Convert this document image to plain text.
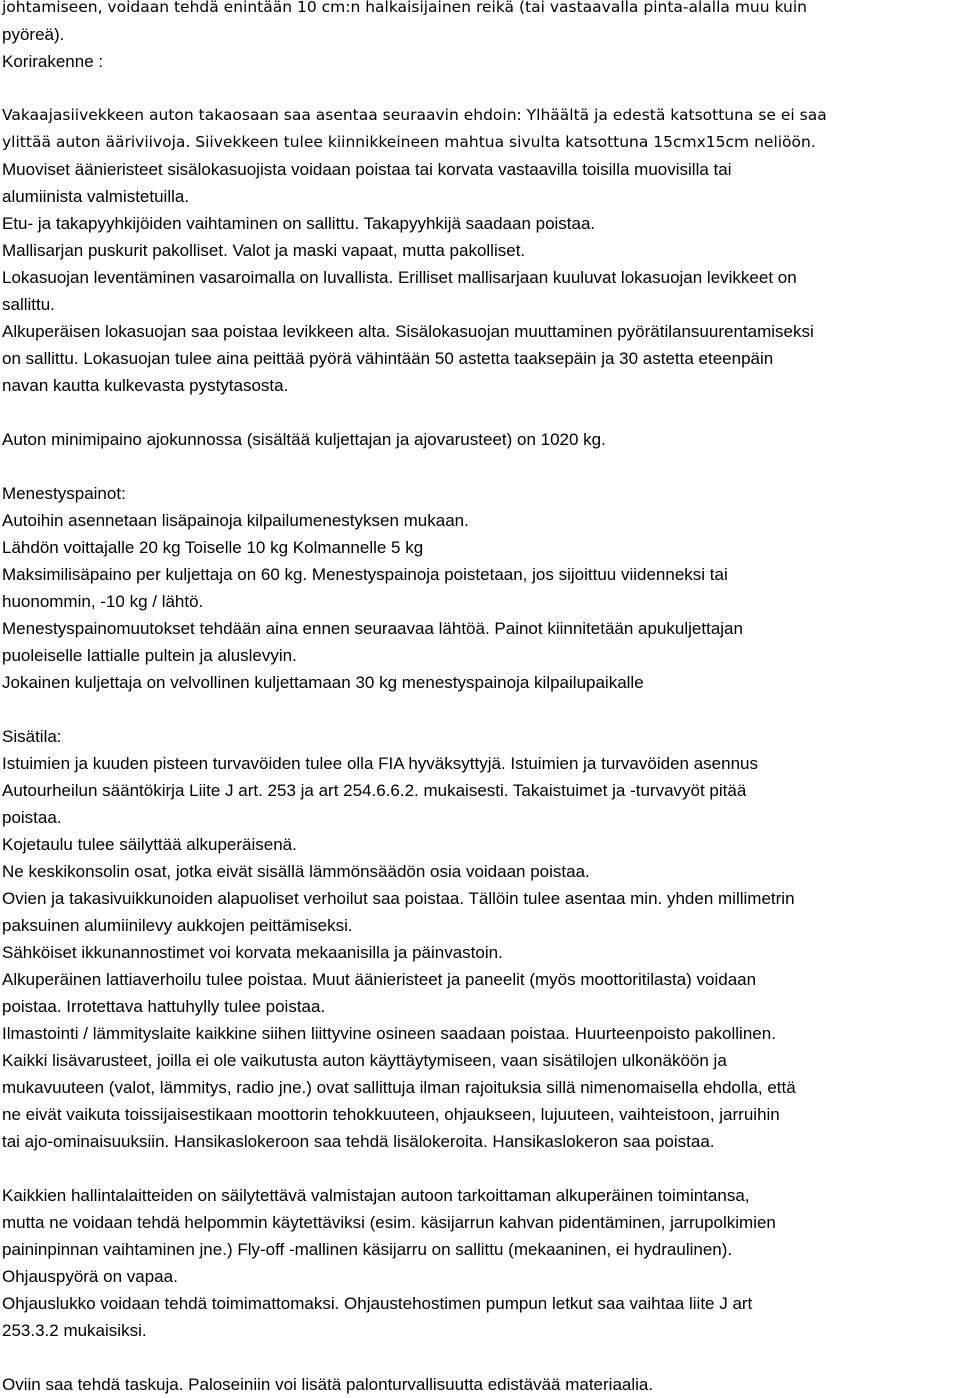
johtamiseen, voidaan tehdä enintään 10 cm:n halkaisijainen reikä (tai vastaavalla pinta-alalla muu kuin
pyöreä).
Korirakenne :
Vakaajasiivekkeen auton takaosaan saa asentaa seuraavin ehdoin: Ylhäältä ja edestä katsottuna se ei saa
ylittää auton ääriviivoja. Siivekkeen tulee kiinnikkeineen mahtua sivulta katsottuna 15cmx15cm neliöön.
Muoviset äänieristeet sisälokasuojista voidaan poistaa tai korvata vastaavilla toisilla muovisilla tai
alumiinista valmistetuilla.
Etu- ja takapyyhkijöiden vaihtaminen on sallittu. Takapyyhkijä saadaan poistaa.
Mallisarjan puskurit pakolliset. Valot ja maski vapaat, mutta pakolliset.
Lokasuojan leventäminen vasaroimalla on luvallista. Erilliset mallisarjaan kuuluvat lokasuojan levikkeet on
sallittu.
Alkuperäisen lokasuojan saa poistaa levikkeen alta. Sisälokasuojan muuttaminen pyörätilansuurentamiseksi
on sallittu. Lokasuojan tulee aina peittää pyörä vähintään 50 astetta taaksepäin ja 30 astetta eteenpäin
navan kautta kulkevasta pystytasosta.
Auton minimipaino ajokunnossa (sisältää kuljettajan ja ajovarusteet) on 1020 kg.
Menestyspainot:
Autoihin asennetaan lisäpainoja kilpailumenestyksen mukaan.
Lähdön voittajalle 20 kg Toiselle 10 kg Kolmannelle 5 kg
Maksimilisäpaino per kuljettaja on 60 kg. Menestyspainoja poistetaan, jos sijoittuu viidenneksi tai
huonommin, -10 kg / lähtö.
Menestyspainomuutokset tehdään aina ennen seuraavaa lähtöä. Painot kiinnitetään apukuljettajan
puoleiselle lattialle pultein ja aluslevyin.
Jokainen kuljettaja on velvollinen kuljettamaan 30 kg menestyspainoja kilpailupaikalle
Sisätila:
Istuimien ja kuuden pisteen turvavöiden tulee olla FIA hyväksyttyjä. Istuimien ja turvavöiden asennus
Autourheilun sääntökirja Liite J art. 253 ja art 254.6.6.2. mukaisesti. Takaistuimet ja -turvavyöt pitää
poistaa.
Kojetaulu tulee säilyttää alkuperäisenä.
Ne keskikonsolin osat, jotka eivät sisällä lämmönsäädön osia voidaan poistaa.
Ovien ja takasivuikkunoiden alapuoliset verhoilut saa poistaa. Tällöin tulee asentaa min. yhden millimetrin
paksuinen alumiinilevy aukkojen peittämiseksi.
Sähköiset ikkunannostimet voi korvata mekaanisilla ja päinvastoin.
Alkuperäinen lattiaverhoilu tulee poistaa. Muut äänieristeet ja paneelit (myös moottoritilasta) voidaan
poistaa. Irrotettava hattuhylly tulee poistaa.
Ilmastointi / lämmityslaite kaikkine siihen liittyvine osineen saadaan poistaa. Huurteenpoisto pakollinen.
Kaikki lisävarusteet, joilla ei ole vaikutusta auton käyttäytymiseen, vaan sisätilojen ulkonäköön ja
mukavuuteen (valot, lämmitys, radio jne.) ovat sallittuja ilman rajoituksia sillä nimenomaisella ehdolla, että
ne eivät vaikuta toissijaisestikaan moottorin tehokkuuteen, ohjaukseen, lujuuteen, vaihteistoon, jarruihin
tai ajo-ominaisuuksiin. Hansikaslokeroon saa tehdä lisälokeroita. Hansikaslokeron saa poistaa.
Kaikkien hallintalaitteiden on säilytettävä valmistajan autoon tarkoittaman alkuperäinen toimintansa,
mutta ne voidaan tehdä helpommin käytettäviksi (esim. käsijarrun kahvan pidentäminen, jarrupolkimien
paininpinnan vaihtaminen jne.) Fly-off -mallinen käsijarru on sallittu (mekaaninen, ei hydraulinen).
Ohjauspyörä on vapaa.
Ohjauslukko voidaan tehdä toimimattomaksi. Ohjaustehostimen pumpun letkut saa vaihtaa liite J art
253.3.2 mukaisiksi.
Oviin saa tehdä taskuja. Paloseiniin voi lisätä palonturvallisuutta edistävää materiaalia.
